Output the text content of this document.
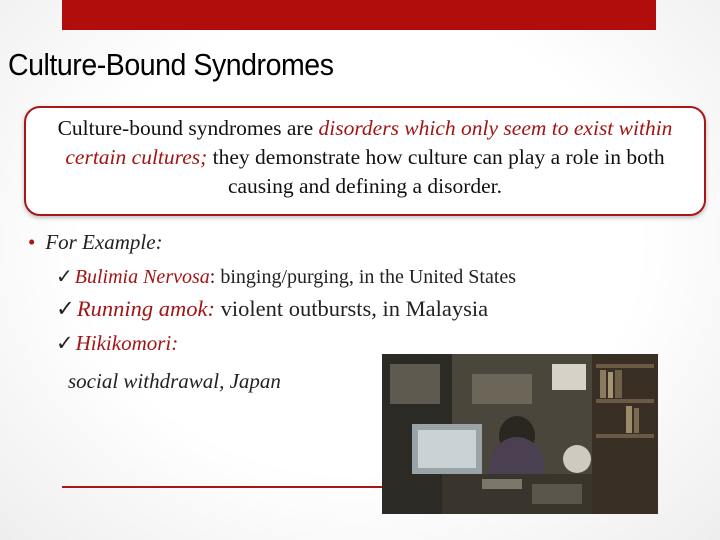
Culture-Bound Syndromes

Culture-bound syndromes are disorders which only seem to exist within certain cultures; they demonstrate how culture can play a role in both causing and defining a disorder.

• For Example:
✓ Bulimia Nervosa: binging/purging, in the United States
✓Running amok: violent outbursts, in Malaysia
✓Hikikomori:
social withdrawal, Japan
